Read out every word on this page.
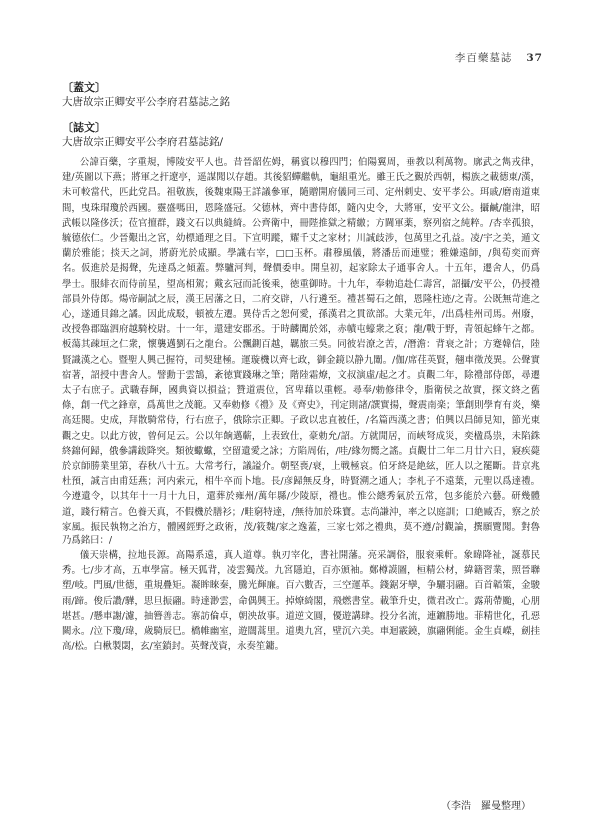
李百藥墓誌 37

〔蓋文〕

大唐故宗正卿安平公李府君墓誌之銘

〔誌文〕

大唐故宗正卿安平公李府君墓誌銘/

公諱百藥，字重規，博陵安平人也。昔晉韶佐姆，稱賓以穆四門；伯陽翼周，垂教以利萬物。廓武之雋戎律，建/英圖以下燕；將軍之扞遼亭，遥謀聞以存趙。其後貂蟬繼軌，龜組重光。雖王氏之覲於西朝，楊族之載德東/漢，未可較當代，匹此党昌。祖敬族，後魏東陽王詳議參軍，隨贈開府儀同三司、定州刺史、安平孝公。珥戚/磨南道東間，曳珠瑁瓊於西國。靈盛嗎田，恩隆盛冠。父德林，齊中書侍郎，隨內史令，大將軍，安平文公。攝鹹/龍津，昭武帳以隆侈沃；莅官擅群，踐文石以典縫綺。公齊衛中，冊陛推獄之精繳；方閫軍薬，察列宿之純粹。/杏幸孤狼，毓德依仁。少晉艱出之宮，幼標通理之目。下宣明蹤，耀千丈之家材；川誠歧涉，包萬里之孔益。凌/宇之美，遁文蘭於雅能；掞天之詞，將蔚光於成顯。學識右宰，□□玉杯。肅穆風儀，將潘岳而連璧；雅嫌遠師，/與荀奕而齊名。仮進於是揭聲，先達爲之傾蓋。弊驢河判，聲價委申。開皇初，起家除太子通事舍人。十五年，遷舍人，仍爲學士。服緋衣而侍前星，望高相駕；戴玄冠而託後乘，徳重御時。十九年，奉勅追赴仁壽宮，詔攝/安平公，仍授禮部員外侍郎。煬帝嗣試之辰，漢王居藩之日，二府交辟，八行遴至。禮甚蜀石之館，恩隆柱迹/之青。公既無苛進之心，遂通貝錦之譎。因此成駁，頓被左遷。異侍舌之恕何愛，孫漢君之貫欲部。大業元年，/出爲桂州司馬。州廢，改授魯郡臨泗府越騎校尉。十一年，還建安郡丞。于時麟闐於郊，赤幘屯蠔衆之裒；龍/戰于野，青領起蜂午之都。板蕩其疎垣之仁衆，懷襲邁劉石之龍台。公飄鍘百越，羈旅三吳。同彼岩潦之苦，/潛澹：背衰之計；方蹇韓信，陸賢識漢之心。暨聖人興己握符，司契建極。運璇機以齊七政，御金鏡以静九闈。/伽/席荏英賢，翹車徵茂異。公聲實宿著，詔授中書舍人。譬勳于雲鵠，紊徳實踐琳之筆；階陸霜燎，文叔演虛/起之才。貞觀二年，除禮部侍郎，尋遷太子右庶子。武職春輝，國典資以損益；贊道震位，宮卑藉以重輕。尋奉/勅修律令，脂衛侯之故實，探文終之舊條，創一代之鋒章，爲萬世之茂範。又奉勅修《禮》及《齊史》，刊定則諸/譔實揚，聲震南楽；筆創則學育有炎，樂高廷閱。史成，拜散騎常侍，行右庶子，俄除宗正卿。子政以忠直被任，/名篇西漢之書；伯興以昌師見知，節光東觀之史。以此方彼，曾何足云。公以年餉邁蘄，上表致仕，豪勅允/詔。方就閒居，而峽弩成災，奕楹爲祟，未陷銖終錦何歸，俄參講鈸降突。類彼蠍蠍，空留遺愛之詠；方陷周佑，/哇/緣勿嚮之謠。貞觀廿二年二月廿六日，寢疾薨於京師勝業里第，春秋八十五。大常考行，議謚介。朝堅喪/衰，上戦極哀。伯牙終是絶絃，匠人以之罷斷。昔京兆杜預，誠言由甫廷燕；河内索元，相牛卒而卜地。長/彦歸無反身，時賢溯之通人；李札子不遠葉，元聖以爲達禮。今遵遺令，以其年十一月十九日，還葬於雍州/萬年縣/少陵原，禮也。惟公總秀氣於五常，包多能於六藝。研幾體道，踐行精言。色養天真，不假機於膳衫；/畦窮特達，/無待加於珠寶。志尚謙沖，率之以庭訓；口絶臧否，察之於家風。振民執物之治方，體國經野之政術，茂/筱魏/家之逸蓋，三家七郊之禮典，莫不遵/討觀論，撰願覽聞。對魯

乃爲銘曰：/

儀天崇構，拉地長源。高陽系遠，真人道尊。執刃宰化，書社開藩。亮采調俗，服衮乘軒。象暐降祉，誕慕民秀。七/步才高，五車學富。極天狐背，凌雲獨茂。九宮隱迫，百亦頒袖。鄭樽謨圖，桓精公材，緯籍習業，照晉聯塑/岐。門風/世德，重規疊矩。凝眸睞秦，騰光輝廉。百六數否，三空運革。錢鋸牙孿，争驪羽翮。百首韜策，金駿雨/蹄。俊后讚/驊，思旦振翮。時達渺雲，命偶興王。掉燎綺閣，飛燃書堂。載筆升史，微君改亡。露荊帶颱，心朋堪甚。/懸車謝/濾，抽簪善志。寨訪倫卓，朝泱故事。道逆文圓，優遊講肆。投分名流，連鑣勝地。菲精世化，孔惡闕永。/泣下瓊/瑋，歲騎辰巳。橋帷幽室，遊闊蒿里。道奧九宮，壁沉六美。車迴霰鐃，旗翮俐能。金生貞嶸，劍挂高/松。白楸製閟，玄/室鎖封。英聲茂資，永奏笙鏞。

（李浩　羅曼整理）
